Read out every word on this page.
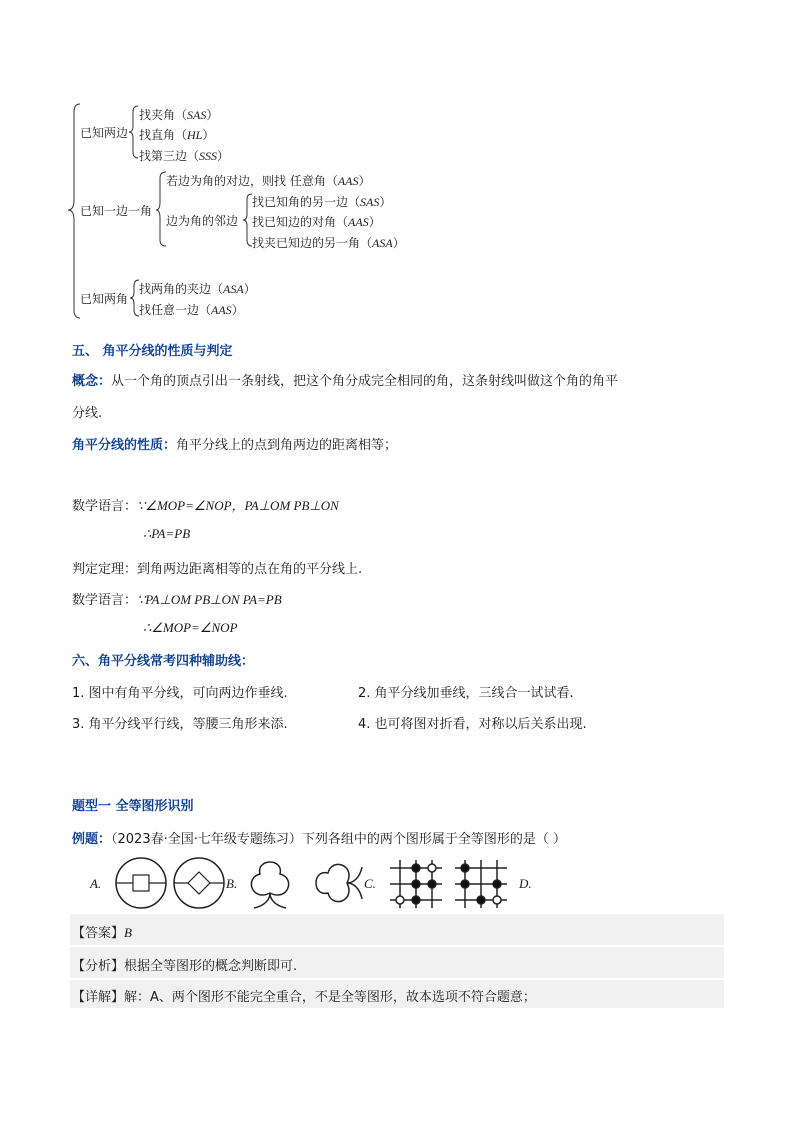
已知两边
找夹角（SAS）
找直角（HL）
找第三边（SSS）
已知一边一角
若边为角的对边，则找 任意角（AAS）
边为角的邻边
找已知角的另一边（SAS）
找已知边的对角（AAS）
找夹已知边的另一角（ASA）
已知两角
找两角的夹边（ASA）
找任意一边（AAS）
五、 角平分线的性质与判定
概念：从一个角的顶点引出一条射线，把这个角分成完全相同的角，这条射线叫做这个角的角平
分线.
角平分线的性质：角平分线上的点到角两边的距离相等；
数学语言：∵∠MOP=∠NOP，PA⊥OM PB⊥ON
∴PA=PB
判定定理：到角两边距离相等的点在角的平分线上.
数学语言：∵PA⊥OM PB⊥ON PA=PB
∴∠MOP=∠NOP
六、角平分线常考四种辅助线：
1. 图中有角平分线，可向两边作垂线.	2. 角平分线加垂线，三线合一试试看.
3. 角平分线平行线，等腰三角形来添.	4. 也可将图对折看，对称以后关系出现.
题型一 全等图形识别
例题：（2023春·全国·七年级专题练习）下列各组中的两个图形属于全等图形的是（ ）
A.	B.	C.	D.
【答案】B
【分析】根据全等图形的概念判断即可.
【详解】解：A、两个图形不能完全重合，不是全等图形，故本选项不符合题意；
